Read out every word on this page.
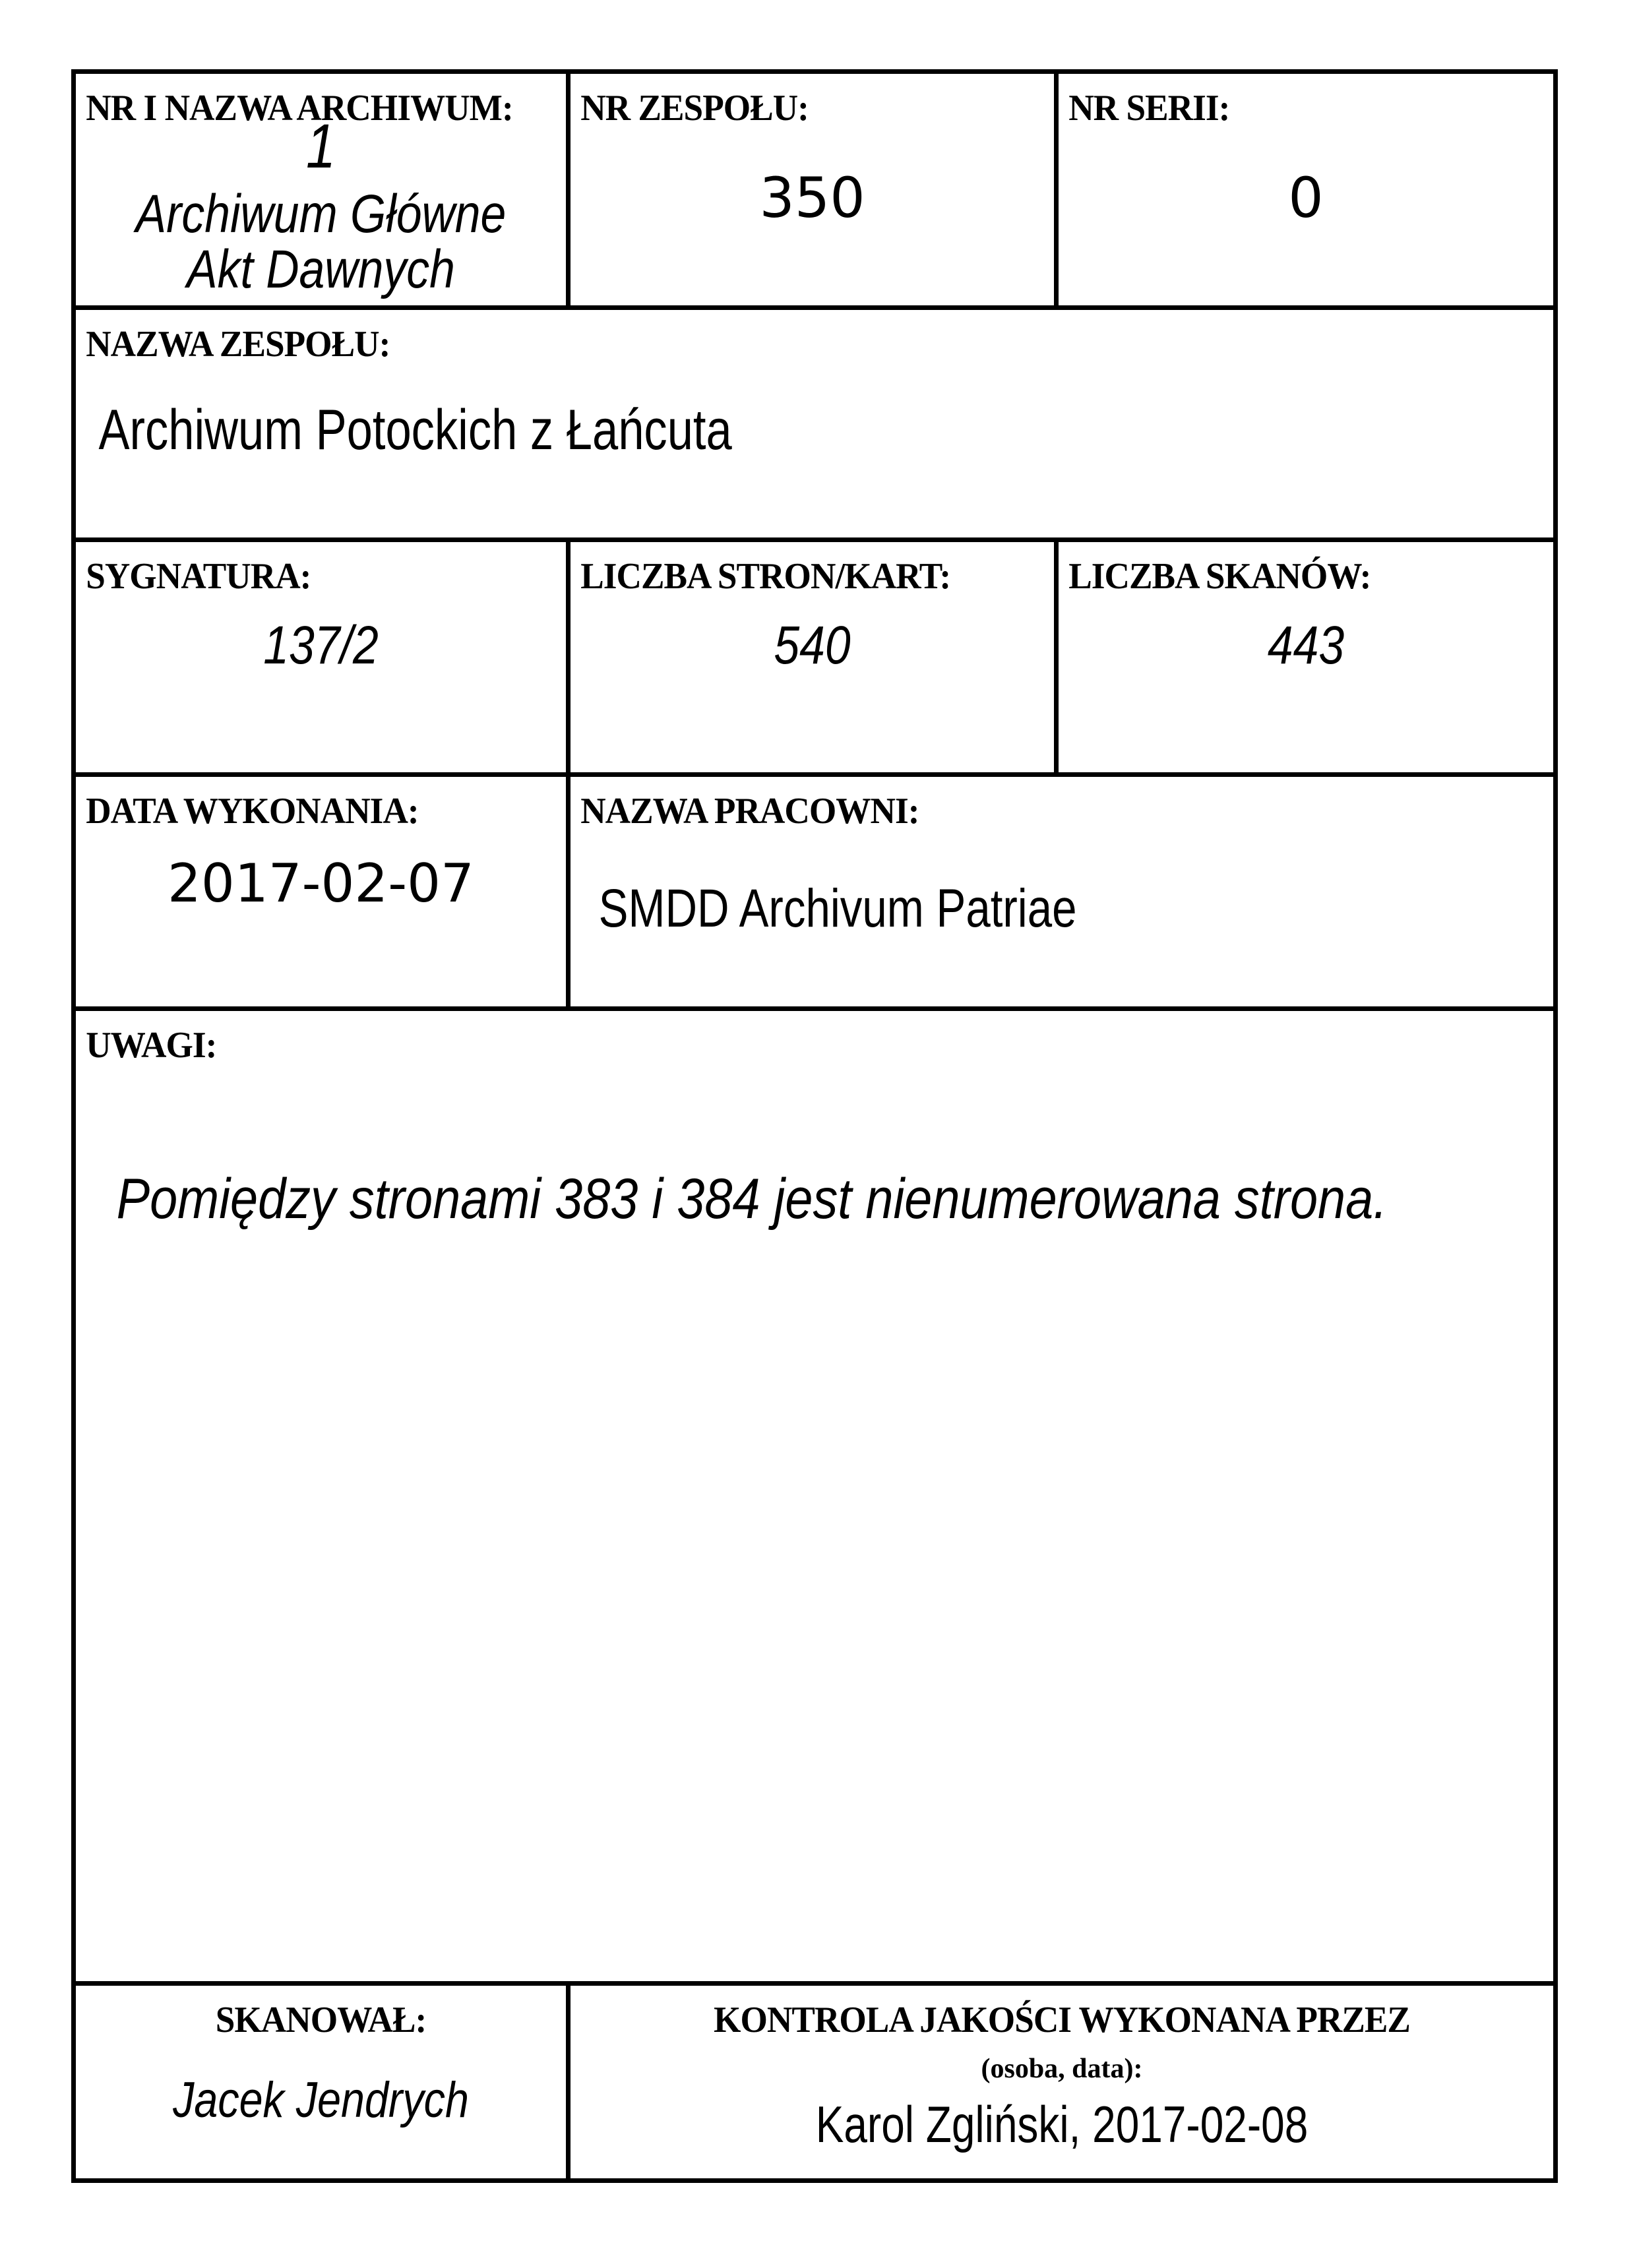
NR I NAZWA ARCHIWUM:
1
Archiwum Główne
Akt Dawnych
NR ZESPOŁU:
350
NR SERII:
0
NAZWA ZESPOŁU:
Archiwum Potockich z Łańcuta
SYGNATURA:
137/2
LICZBA STRON/KART:
540
LICZBA SKANÓW:
443
DATA WYKONANIA:
2017-02-07
NAZWA PRACOWNI:
SMDD Archivum Patriae
UWAGI:
Pomiędzy stronami 383 i 384 jest nienumerowana strona.
SKANOWAŁ:
Jacek Jendrych
KONTROLA JAKOŚCI WYKONANA PRZEZ
(osoba, data):
Karol Zgliński, 2017-02-08
